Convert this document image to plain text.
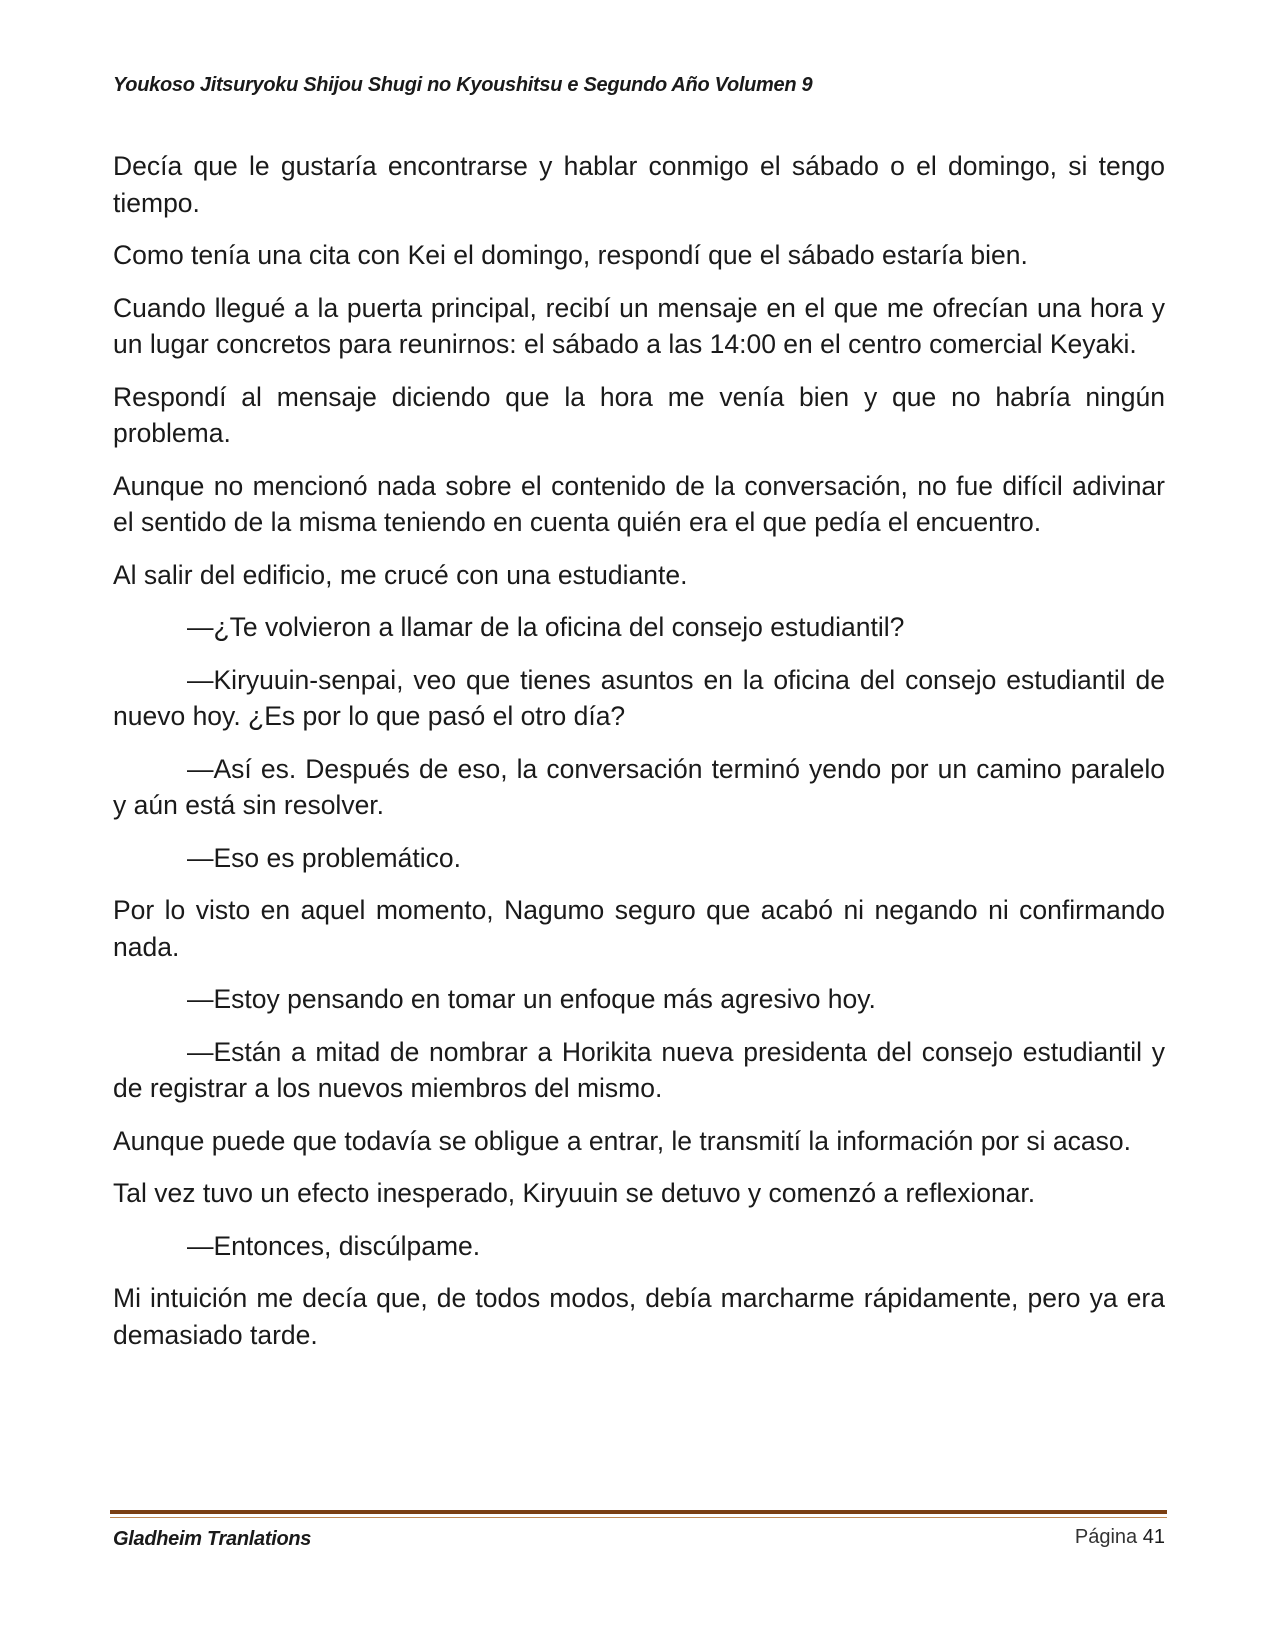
Youkoso Jitsuryoku Shijou Shugi no Kyoushitsu e Segundo Año Volumen 9

Decía que le gustaría encontrarse y hablar conmigo el sábado o el domingo, si tengo tiempo.

Como tenía una cita con Kei el domingo, respondí que el sábado estaría bien.

Cuando llegué a la puerta principal, recibí un mensaje en el que me ofrecían una hora y un lugar concretos para reunirnos: el sábado a las 14:00 en el centro comercial Keyaki.

Respondí al mensaje diciendo que la hora me venía bien y que no habría ningún problema.

Aunque no mencionó nada sobre el contenido de la conversación, no fue difícil adivinar el sentido de la misma teniendo en cuenta quién era el que pedía el encuentro.

Al salir del edificio, me crucé con una estudiante.

—¿Te volvieron a llamar de la oficina del consejo estudiantil?

—Kiryuuin-senpai, veo que tienes asuntos en la oficina del consejo estudiantil de nuevo hoy. ¿Es por lo que pasó el otro día?

—Así es. Después de eso, la conversación terminó yendo por un camino paralelo y aún está sin resolver.

—Eso es problemático.

Por lo visto en aquel momento, Nagumo seguro que acabó ni negando ni confirmando nada.

—Estoy pensando en tomar un enfoque más agresivo hoy.

—Están a mitad de nombrar a Horikita nueva presidenta del consejo estudiantil y de registrar a los nuevos miembros del mismo.

Aunque puede que todavía se obligue a entrar, le transmití la información por si acaso.

Tal vez tuvo un efecto inesperado, Kiryuuin se detuvo y comenzó a reflexionar.

—Entonces, discúlpame.

Mi intuición me decía que, de todos modos, debía marcharme rápidamente, pero ya era demasiado tarde.

Gladheim Tranlations	Página 41
